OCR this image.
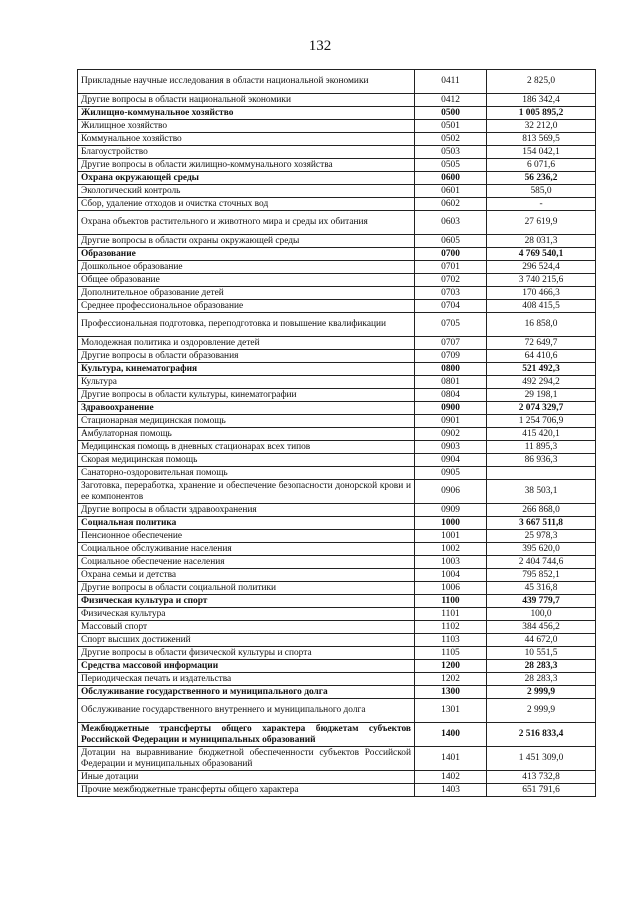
132
Прикладные научные исследования в области национальной экономики	0411	2 825,0
Другие вопросы в области национальной экономики	0412	186 342,4
Жилищно-коммунальное хозяйство	0500	1 005 895,2
Жилищное хозяйство	0501	32 212,0
Коммунальное хозяйство	0502	813 569,5
Благоустройство	0503	154 042,1
Другие вопросы в области жилищно-коммунального хозяйства	0505	6 071,6
Охрана окружающей среды	0600	56 236,2
Экологический контроль	0601	585,0
Сбор, удаление отходов и очистка сточных вод	0602	-
Охрана объектов растительного и животного мира и среды их обитания	0603	27 619,9
Другие вопросы в области охраны окружающей среды	0605	28 031,3
Образование	0700	4 769 540,1
Дошкольное образование	0701	296 524,4
Общее образование	0702	3 740 215,6
Дополнительное образование детей	0703	170 466,3
Среднее профессиональное образование	0704	408 415,5
Профессиональная подготовка, переподготовка и повышение квалификации	0705	16 858,0
Молодежная политика и оздоровление детей	0707	72 649,7
Другие вопросы в области образования	0709	64 410,6
Культура, кинематография	0800	521 492,3
Культура	0801	492 294,2
Другие вопросы в области культуры, кинематографии	0804	29 198,1
Здравоохранение	0900	2 074 329,7
Стационарная медицинская помощь	0901	1 254 706,9
Амбулаторная помощь	0902	415 420,1
Медицинская помощь в дневных стационарах всех типов	0903	11 895,3
Скорая медицинская помощь	0904	86 936,3
Санаторно-оздоровительная помощь	0905	
Заготовка, переработка, хранение и обеспечение безопасности донорской крови и ее компонентов	0906	38 503,1
Другие вопросы в области здравоохранения	0909	266 868,0
Социальная политика	1000	3 667 511,8
Пенсионное обеспечение	1001	25 978,3
Социальное обслуживание населения	1002	395 620,0
Социальное обеспечение населения	1003	2 404 744,6
Охрана семьи и детства	1004	795 852,1
Другие вопросы в области социальной политики	1006	45 316,8
Физическая культура и спорт	1100	439 779,7
Физическая культура	1101	100,0
Массовый спорт	1102	384 456,2
Спорт высших достижений	1103	44 672,0
Другие вопросы в области физической культуры и спорта	1105	10 551,5
Средства массовой информации	1200	28 283,3
Периодическая печать и издательства	1202	28 283,3
Обслуживание государственного и муниципального долга	1300	2 999,9
Обслуживание государственного внутреннего и муниципального долга	1301	2 999,9
Межбюджетные трансферты общего характера бюджетам субъектов Российской Федерации и муниципальных образований	1400	2 516 833,4
Дотации на выравнивание бюджетной обеспеченности субъектов Российской Федерации и муниципальных образований	1401	1 451 309,0
Иные дотации	1402	413 732,8
Прочие межбюджетные трансферты общего характера	1403	651 791,6
